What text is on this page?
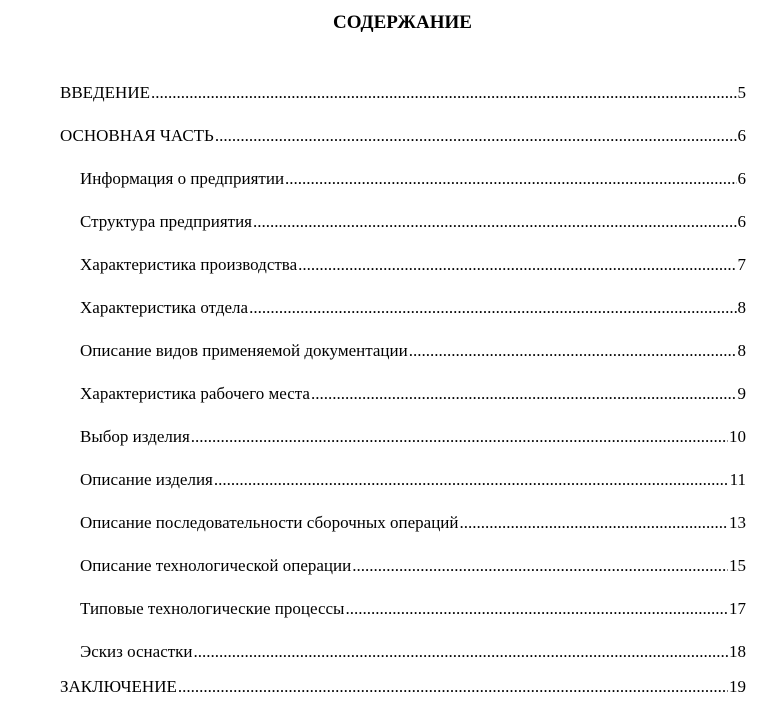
СОДЕРЖАНИЕ
ВВЕДЕНИЕ .....	5
ОСНОВНАЯ ЧАСТЬ .....	6
Информация о предприятии .....	6
Структура предприятия .....	6
Характеристика производства .....	7
Характеристика отдела .....	8
Описание видов применяемой документации .....	8
Характеристика рабочего места .....	9
Выбор изделия .....	10
Описание изделия .....	11
Описание последовательности сборочных операций .....	13
Описание технологической операции .....	15
Типовые технологические процессы .....	17
Эскиз оснастки .....	18
ЗАКЛЮЧЕНИЕ .....	19
